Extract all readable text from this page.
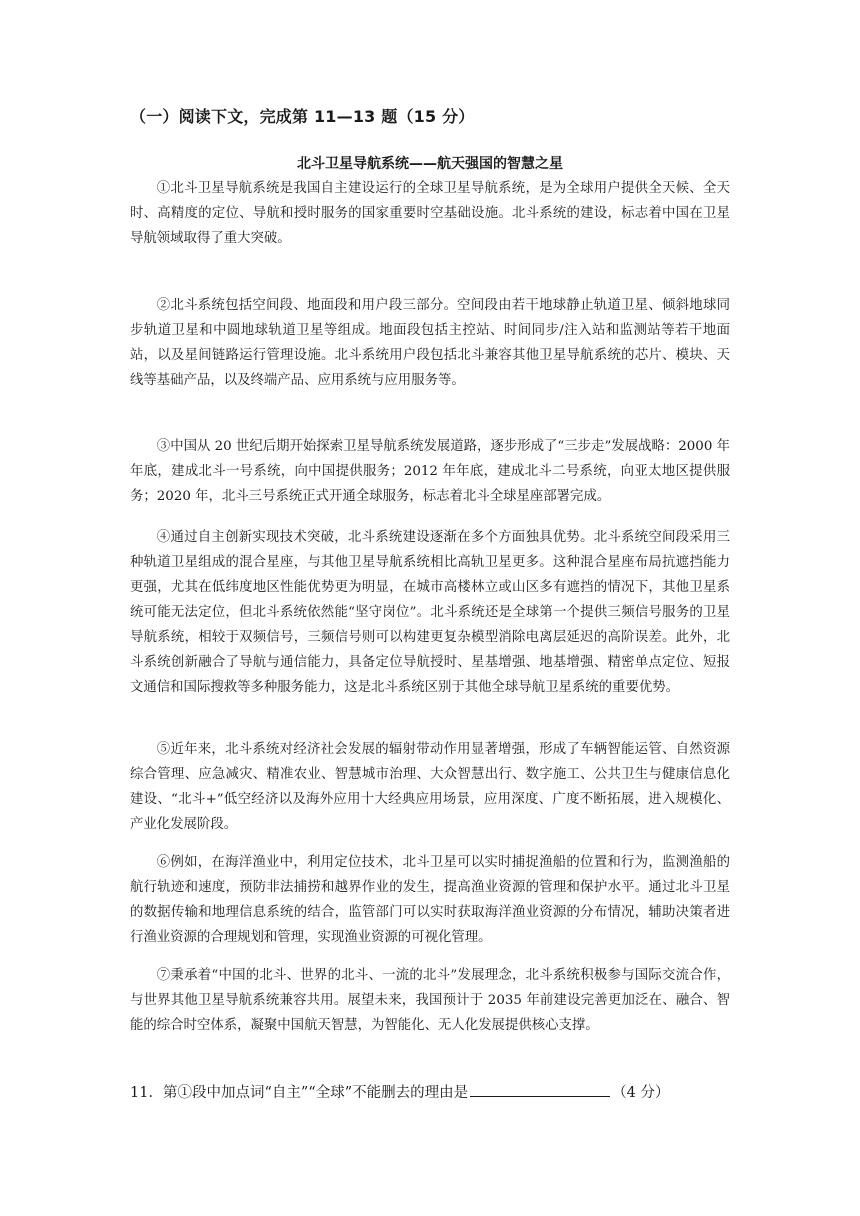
（一）阅读下文，完成第 11—13 题（15 分）
北斗卫星导航系统——航天强国的智慧之星

①北斗卫星导航系统是我国自主建设运行的全球卫星导航系统，是为全球用户提供全天候、全天时、高精度的定位、导航和授时服务的国家重要时空基础设施。北斗系统的建设，标志着中国在卫星导航领域取得了重大突破。

②北斗系统包括空间段、地面段和用户段三部分。空间段由若干地球静止轨道卫星、倾斜地球同步轨道卫星和中圆地球轨道卫星等组成。地面段包括主控站、时间同步/注入站和监测站等若干地面站，以及星间链路运行管理设施。北斗系统用户段包括北斗兼容其他卫星导航系统的芯片、模块、天线等基础产品，以及终端产品、应用系统与应用服务等。

③中国从 20 世纪后期开始探索卫星导航系统发展道路，逐步形成了“三步走”发展战略：2000 年年底，建成北斗一号系统，向中国提供服务；2012 年年底，建成北斗二号系统，向亚太地区提供服务；2020 年，北斗三号系统正式开通全球服务，标志着北斗全球星座部署完成。

④通过自主创新实现技术突破，北斗系统建设逐渐在多个方面独具优势。北斗系统空间段采用三种轨道卫星组成的混合星座，与其他卫星导航系统相比高轨卫星更多。这种混合星座布局抗遮挡能力更强，尤其在低纬度地区性能优势更为明显，在城市高楼林立或山区多有遮挡的情况下，其他卫星系统可能无法定位，但北斗系统依然能“坚守岗位”。北斗系统还是全球第一个提供三频信号服务的卫星导航系统，相较于双频信号，三频信号则可以构建更复杂模型消除电离层延迟的高阶误差。此外，北斗系统创新融合了导航与通信能力，具备定位导航授时、星基增强、地基增强、精密单点定位、短报文通信和国际搜救等多种服务能力，这是北斗系统区别于其他全球导航卫星系统的重要优势。

⑤近年来，北斗系统对经济社会发展的辐射带动作用显著增强，形成了车辆智能运管、自然资源综合管理、应急减灾、精准农业、智慧城市治理、大众智慧出行、数字施工、公共卫生与健康信息化建设、“北斗+”低空经济以及海外应用十大经典应用场景，应用深度、广度不断拓展，进入规模化、产业化发展阶段。

⑥例如，在海洋渔业中，利用定位技术，北斗卫星可以实时捕捉渔船的位置和行为，监测渔船的航行轨迹和速度，预防非法捕捞和越界作业的发生，提高渔业资源的管理和保护水平。通过北斗卫星的数据传输和地理信息系统的结合，监管部门可以实时获取海洋渔业资源的分布情况，辅助决策者进行渔业资源的合理规划和管理，实现渔业资源的可视化管理。

⑦秉承着“中国的北斗、世界的北斗、一流的北斗”发展理念，北斗系统积极参与国际交流合作，与世界其他卫星导航系统兼容共用。展望未来，我国预计于 2035 年前建设完善更加泛在、融合、智能的综合时空体系，凝聚中国航天智慧，为智能化、无人化发展提供核心支撑。

11．第①段中加点词“自主”“全球”不能删去的理由是	（4 分）
